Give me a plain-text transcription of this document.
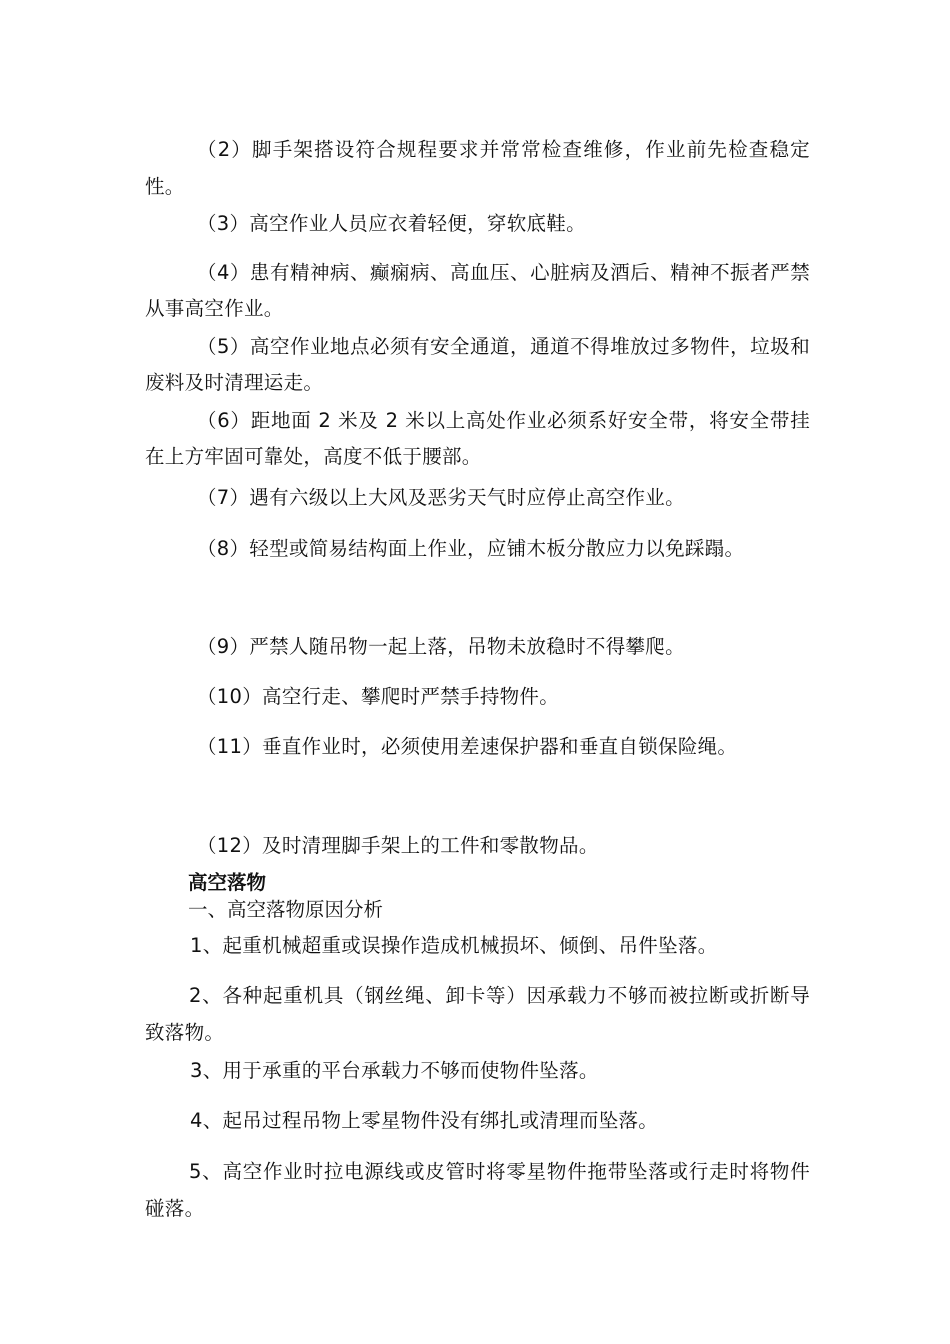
（2）脚手架搭设符合规程要求并常常检查维修，作业前先检查稳定性。

（3）高空作业人员应衣着轻便，穿软底鞋。

（4）患有精神病、癫痫病、高血压、心脏病及酒后、精神不振者严禁从事高空作业。

（5）高空作业地点必须有安全通道，通道不得堆放过多物件，垃圾和废料及时清理运走。

（6）距地面 2 米及 2 米以上高处作业必须系好安全带，将安全带挂在上方牢固可靠处，高度不低于腰部。

（7）遇有六级以上大风及恶劣天气时应停止高空作业。

（8）轻型或简易结构面上作业，应铺木板分散应力以免踩蹋。

（9）严禁人随吊物一起上落，吊物未放稳时不得攀爬。

（10）高空行走、攀爬时严禁手持物件。

（11）垂直作业时，必须使用差速保护器和垂直自锁保险绳。

（12）及时清理脚手架上的工件和零散物品。

高空落物

一、高空落物原因分析

1、起重机械超重或误操作造成机械损坏、倾倒、吊件坠落。

2、各种起重机具（钢丝绳、卸卡等）因承载力不够而被拉断或折断导致落物。

3、用于承重的平台承载力不够而使物件坠落。

4、起吊过程吊物上零星物件没有绑扎或清理而坠落。

5、高空作业时拉电源线或皮管时将零星物件拖带坠落或行走时将物件碰落。
